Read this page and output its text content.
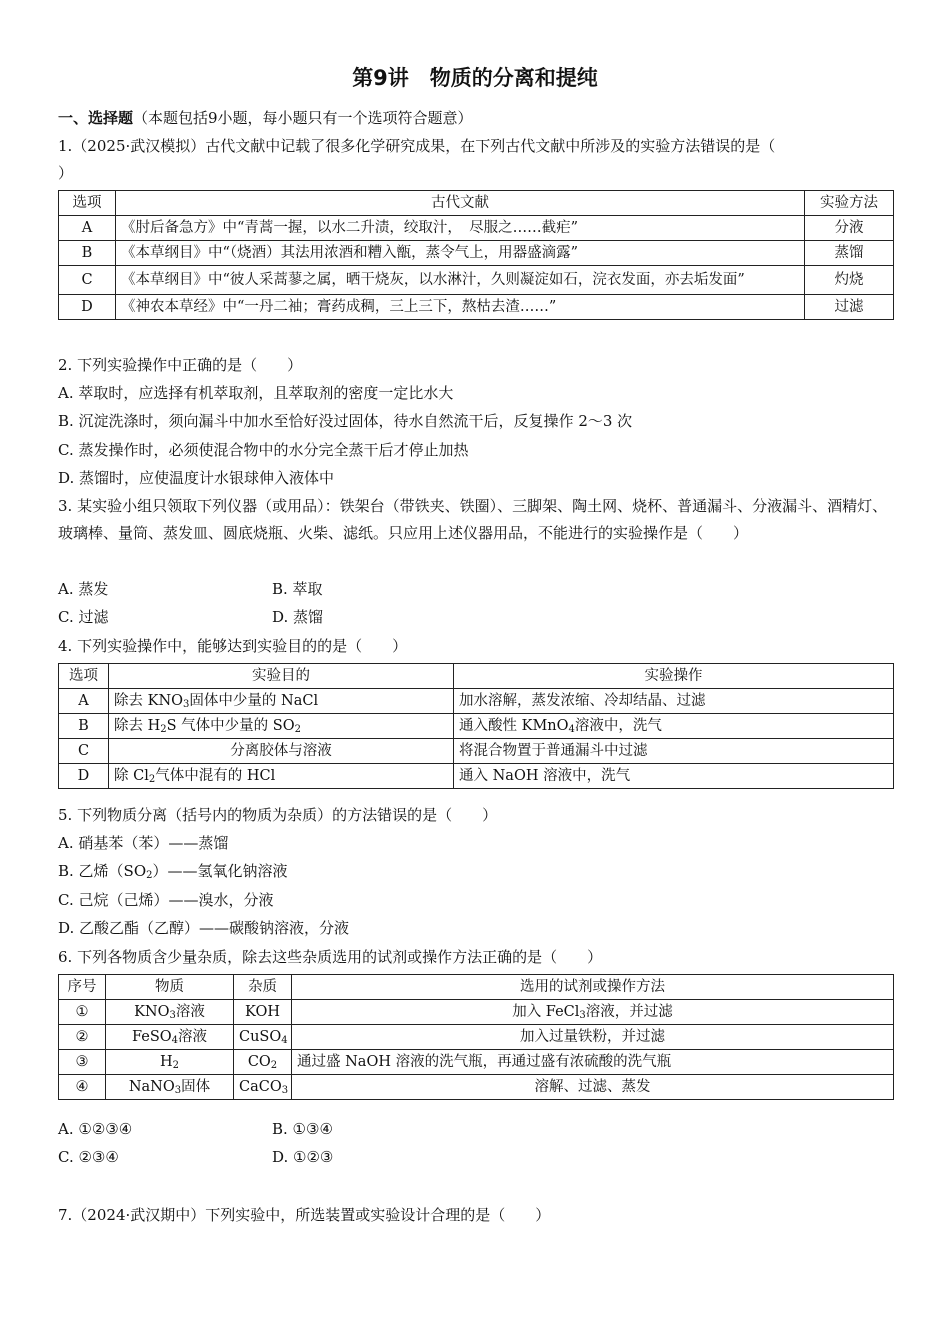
第9讲　物质的分离和提纯
一、选择题（本题包括9小题，每小题只有一个选项符合题意）
1.（2025·武汉模拟）古代文献中记载了很多化学研究成果，在下列古代文献中所涉及的实验方法错误的是（
）
选项	古代文献	实验方法
A	《肘后备急方》中“青蒿一握，以水二升渍，绞取汁，　尽服之……截疟”	分液
B	《本草纲目》中“（烧酒）其法用浓酒和糟入甑，蒸令气上，用器盛滴露”	蒸馏
C	《本草纲目》中“彼人采蒿蓼之属，晒干烧灰，以水淋汁，久则凝淀如石，浣衣发面，亦去垢发面”	灼烧
D	《神农本草经》中“一丹二袖；膏药成稠，三上三下，熬枯去渣……”	过滤
2. 下列实验操作中正确的是（　　）
A. 萃取时，应选择有机萃取剂，且萃取剂的密度一定比水大
B. 沉淀洗涤时，须向漏斗中加水至恰好没过固体，待水自然流干后，反复操作 2～3 次
C. 蒸发操作时，必须使混合物中的水分完全蒸干后才停止加热
D. 蒸馏时，应使温度计水银球伸入液体中
3. 某实验小组只领取下列仪器（或用品）：铁架台（带铁夹、铁圈）、三脚架、陶土网、烧杯、普通漏斗、分液漏斗、酒精灯、玻璃棒、量筒、蒸发皿、圆底烧瓶、火柴、滤纸。只应用上述仪器用品，不能进行的实验操作是（　　）
A. 蒸发	B. 萃取
C. 过滤	D. 蒸馏
4. 下列实验操作中，能够达到实验目的的是（　　）
选项	实验目的	实验操作
A	除去 $KNO_3$固体中少量的 NaCl	加水溶解，蒸发浓缩、冷却结晶、过滤
B	除去 $H_2S$ 气体中少量的 $SO_2$	通入酸性 KMnO$_4$溶液中，洗气
C	分离胶体与溶液	将混合物置于普通漏斗中过滤
D	除 $Cl_2$气体中混有的 HCl	通入 NaOH 溶液中，洗气
5. 下列物质分离（括号内的物质为杂质）的方法错误的是（　　）
A. 硝基苯（苯）——蒸馏
B. 乙烯$(SO_2)——$氢氧化钠溶液
C. 己烷（己烯）——溴水，分液
D. 乙酸乙酯（乙醇）——碳酸钠溶液，分液
6. 下列各物质含少量杂质，除去这些杂质选用的试剂或操作方法正确的是（　　）
序号	物质	杂质	选用的试剂或操作方法
①	$KNO_3$溶液	KOH	加入 FeCl$_3$溶液，并过滤
②	FeSO$_4$溶液	CuSO$_4$	加入过量铁粉，并过滤
③	$H_2$	$CO_2$	通过盛 NaOH 溶液的洗气瓶，再通过盛有浓硫酸的洗气瓶
④	NaNO$_3$固体	CaCO$_3$	溶解、过滤、蒸发
A. ①②③④	B. ①③④
C. ②③④	D. ①②③
7.（2024·武汉期中）下列实验中，所选装置或实验设计合理的是（　　）
